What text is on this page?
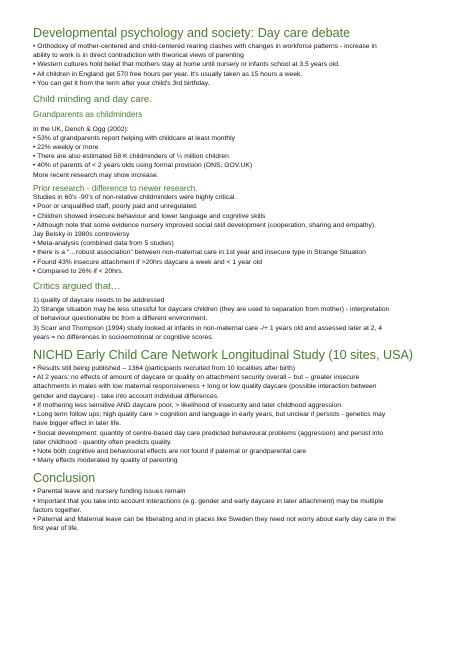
Developmental psychology and society: Day care debate

• Orthodoxy of mother-centered and child-centered rearing clashes with changes in workforce patterns - increase in

ability to work is in direct contradiction with theorical views of parenting

• Western cultures hold belief that mothers stay at home until nursery or infants school at 3.5 years old.

• All children in England get 570 free hours per year. It's usually taken as 15 hours a week.

• You can get it from the term after your child's 3rd birthday.

Child minding and day care.
Grandparents as childminders

In the UK, Dench & Ogg (2002):

• 53% of grandparents report helping with childcare at least monthly

• 22% weekly or more

• There are also estimated 58 K childminders of ¼ million children

• 40% of parents of < 2 years olds using formal provision (ONS, GOV.UK)

More recent research may show increase.

Prior research - difference to newer research.

Studies in 60's -90's of non-relative childminders were highly critical.

• Poor or unqualified staff, poorly paid and unregulated.

• Children showed insecure behaviour and lower language and cognitive skills

• Although note that some evidence nursery improved social skill development (cooperation, sharing and empathy).

Jay Belsky in 1980s controversy

• Meta-analysis (combined data from 5 studies)

• there is a "…robust association" between non-maternal care in 1st year and insecure type in Strange Situation

• Found 43% insecure attachment if >20hrs daycare a week and < 1 year old

• Compared to 26% if < 20hrs.

Critics argued that…

1) quality of daycare needs to be addressed

2) Strange situation may be less stressful for daycare children (they are used to separation from mother) - interpretation

of behaviour questionable bc from a different environment.

3) Scarr and Thompson (1994) study looked at infants in non-maternal care -/+ 1 years old and assessed later at 2, 4

years = no differences in socioemotional or cognitive scores.

NICHD Early Child Care Network Longitudinal Study (10 sites, USA)

• Results still being published – 1364 (participants recruited from 10 localities after birth)

• At 2 years: no effects of amount of daycare or quality on attachment security overall – but – greater insecure

attachments in males with low maternal responsiveness + long or low quality daycare (possible interaction between

gender and daycare) - take into account individual differences.

• If mothering less sensitive AND daycare poor, > likelihood of insecurity and later childhood aggression.

• Long term follow ups; high quality care > cognition and language in early years, but unclear if persists - genetics may

have bigger effect in later life.

• Social development: quantity of centre-based day care predicted behavioural problems (aggression) and persist into

later childhood - quantity often predicts quality.

• Note both cognitive and behavioural effects are not found if paternal or grandparental care

• Many effects moderated by quality of parenting

Conclusion

• Parental leave and nursery funding issues remain

• Important that you take into account interactions (e.g. gender and early daycare in later attachment) may be multiple

factors together.

• Paternal and Maternal leave can be liberating and in places like Sweden they need not worry about early day care in the

first year of life.
